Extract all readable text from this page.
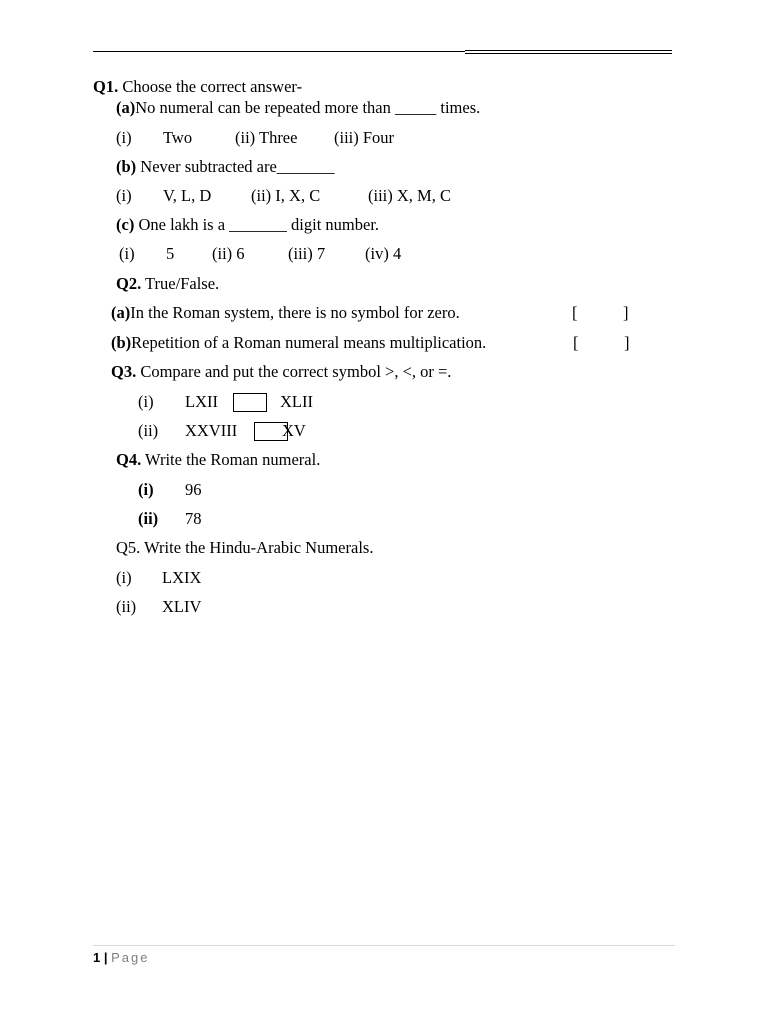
Q1. Choose the correct answer-
(a)No numeral can be repeated more than _____ times.
(i) Two	(ii) Three (iii) Four
(b) Never subtracted are_______
(i) V, L, D (ii) I, X, C	(iii) X, M, C
(c) One lakh is a _______ digit number.
(i) 5 (ii) 6	(iii) 7 (iv) 4
Q2. True/False.
(a)In the Roman system, there is no symbol for zero.	[	]
(b)Repetition of a Roman numeral means multiplication.	[	]
Q3. Compare and put the correct symbol >, <, or =.
(i) LXII	XLII
(ii) XXVIII	XV
Q4. Write the Roman numeral.
(i) 96
(ii) 78
Q5. Write the Hindu-Arabic Numerals.
(i) LXIX
(ii) XLIV
1 | Page
